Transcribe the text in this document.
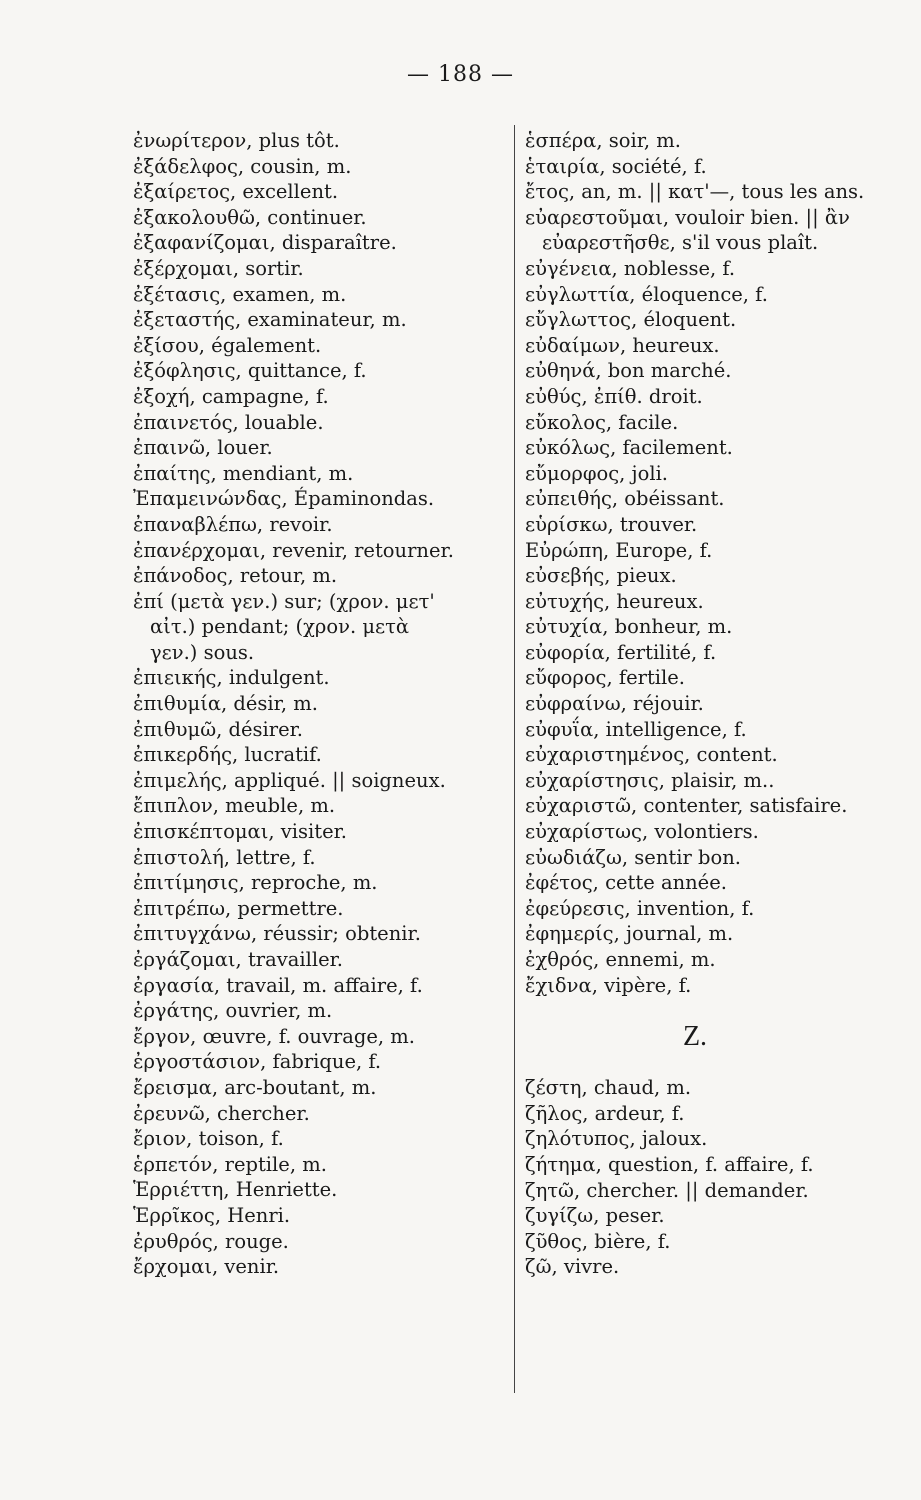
— 188 —
ἐνωρίτερον, plus tôt.
ἐξάδελφος, cousin, m.
ἐξαίρετος, excellent.
ἐξακολουθῶ, continuer.
ἐξαφανίζομαι, disparaître.
ἐξέρχομαι, sortir.
ἐξέτασις, examen, m.
ἐξεταστής, examinateur, m.
ἐξίσου, également.
ἐξόφλησις, quittance, f.
ἐξοχή, campagne, f.
ἐπαινετός, louable.
ἐπαινῶ, louer.
ἐπαίτης, mendiant, m.
Ἐπαμεινώνδας, Épaminondas.
ἐπαναβλέπω, revoir.
ἐπανέρχομαι, revenir, retourner.
ἐπάνοδος, retour, m.
ἐπί (μετὰ γεν.) sur; (χρον. μετ'
αἰτ.) pendant; (χρον. μετὰ
γεν.) sous.
ἐπιεικής, indulgent.
ἐπιθυμία, désir, m.
ἐπιθυμῶ, désirer.
ἐπικερδής, lucratif.
ἐπιμελής, appliqué. || soigneux.
ἔπιπλον, meuble, m.
ἐπισκέπτομαι, visiter.
ἐπιστολή, lettre, f.
ἐπιτίμησις, reproche, m.
ἐπιτρέπω, permettre.
ἐπιτυγχάνω, réussir; obtenir.
ἐργάζομαι, travailler.
ἐργασία, travail, m. affaire, f.
ἐργάτης, ouvrier, m.
ἔργον, œuvre, f. ouvrage, m.
ἐργοστάσιον, fabrique, f.
ἔρεισμα, arc-boutant, m.
ἐρευνῶ, chercher.
ἔριον, toison, f.
ἑρπετόν, reptile, m.
Ἑρριέττη, Henriette.
Ἑρρῖκος, Henri.
ἐρυθρός, rouge.
ἔρχομαι, venir.
ἑσπέρα, soir, m.
ἑταιρία, société, f.
ἔτος, an, m. || κατ'—, tous les ans.
εὐαρεστοῦμαι, vouloir bien. || ἂν
εὐαρεστῆσθε, s'il vous plaît.
εὐγένεια, noblesse, f.
εὐγλωττία, éloquence, f.
εὔγλωττος, éloquent.
εὐδαίμων, heureux.
εὐθηνά, bon marché.
εὐθύς, ἐπίθ. droit.
εὔκολος, facile.
εὐκόλως, facilement.
εὔμορφος, joli.
εὐπειθής, obéissant.
εὑρίσκω, trouver.
Εὐρώπη, Europe, f.
εὐσεβής, pieux.
εὐτυχής, heureux.
εὐτυχία, bonheur, m.
εὐφορία, fertilité, f.
εὔφορος, fertile.
εὐφραίνω, réjouir.
εὐφυΐα, intelligence, f.
εὐχαριστημένος, content.
εὐχαρίστησις, plaisir, m..
εὐχαριστῶ, contenter, satisfaire.
εὐχαρίστως, volontiers.
εὐωδιάζω, sentir bon.
ἐφέτος, cette année.
ἐφεύρεσις, invention, f.
ἐφημερίς, journal, m.
ἐχθρός, ennemi, m.
ἔχιδνα, vipère, f.
Z.
ζέστη, chaud, m.
ζῆλος, ardeur, f.
ζηλότυπος, jaloux.
ζήτημα, question, f. affaire, f.
ζητῶ, chercher. || demander.
ζυγίζω, peser.
ζῦθος, bière, f.
ζῶ, vivre.
